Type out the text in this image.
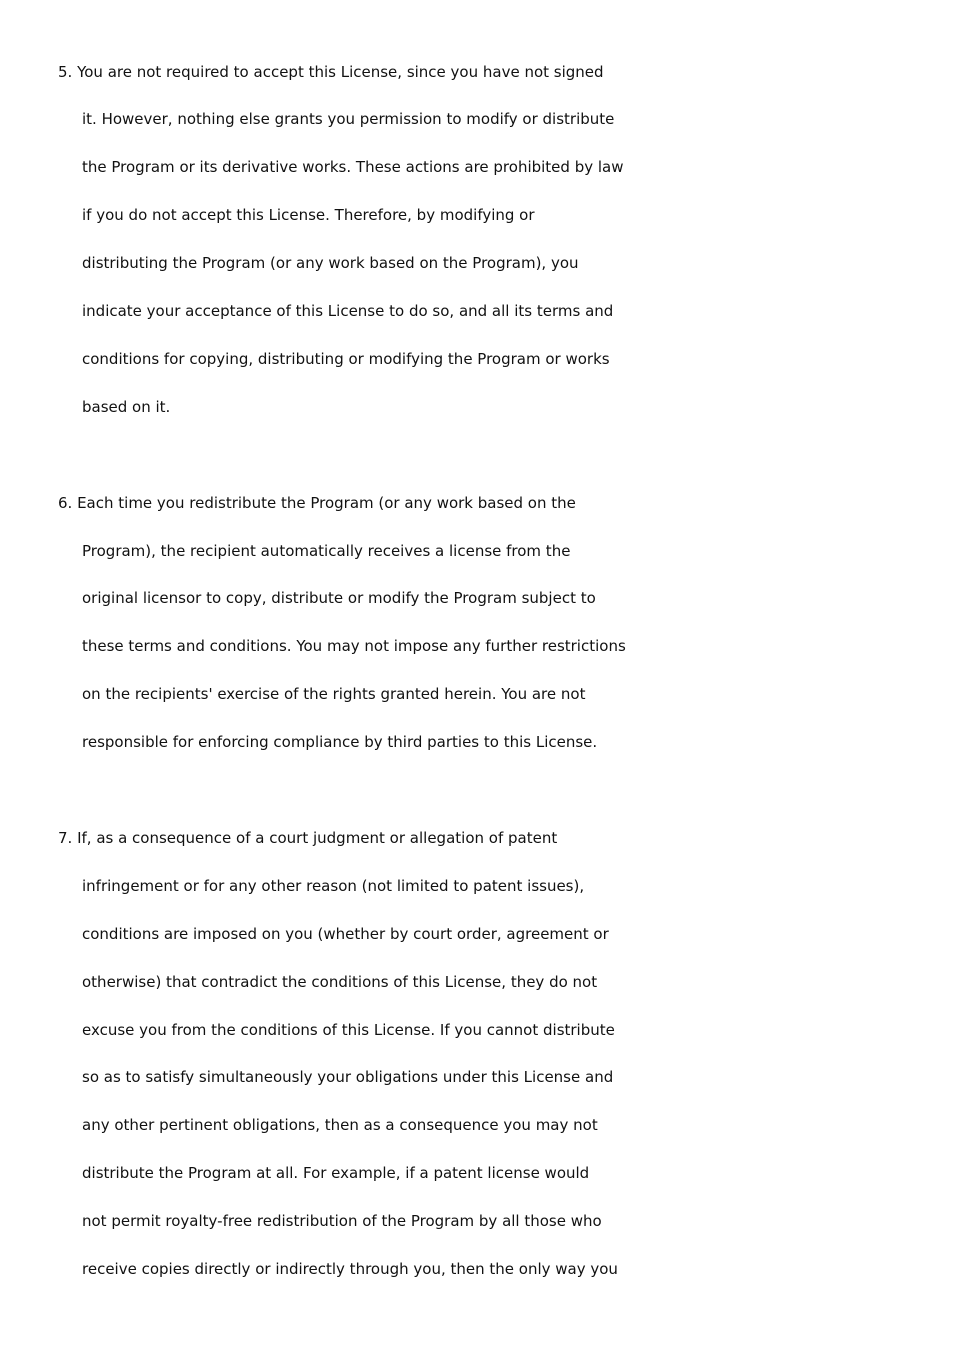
5. You are not required to accept this License, since you have not signed
it. However, nothing else grants you permission to modify or distribute
the Program or its derivative works. These actions are prohibited by law
if you do not accept this License. Therefore, by modifying or
distributing the Program (or any work based on the Program), you
indicate your acceptance of this License to do so, and all its terms and
conditions for copying, distributing or modifying the Program or works
based on it.
6. Each time you redistribute the Program (or any work based on the
Program), the recipient automatically receives a license from the
original licensor to copy, distribute or modify the Program subject to
these terms and conditions. You may not impose any further restrictions
on the recipients' exercise of the rights granted herein. You are not
responsible for enforcing compliance by third parties to this License.
7. If, as a consequence of a court judgment or allegation of patent
infringement or for any other reason (not limited to patent issues),
conditions are imposed on you (whether by court order, agreement or
otherwise) that contradict the conditions of this License, they do not
excuse you from the conditions of this License. If you cannot distribute
so as to satisfy simultaneously your obligations under this License and
any other pertinent obligations, then as a consequence you may not
distribute the Program at all. For example, if a patent license would
not permit royalty-free redistribution of the Program by all those who
receive copies directly or indirectly through you, then the only way you
